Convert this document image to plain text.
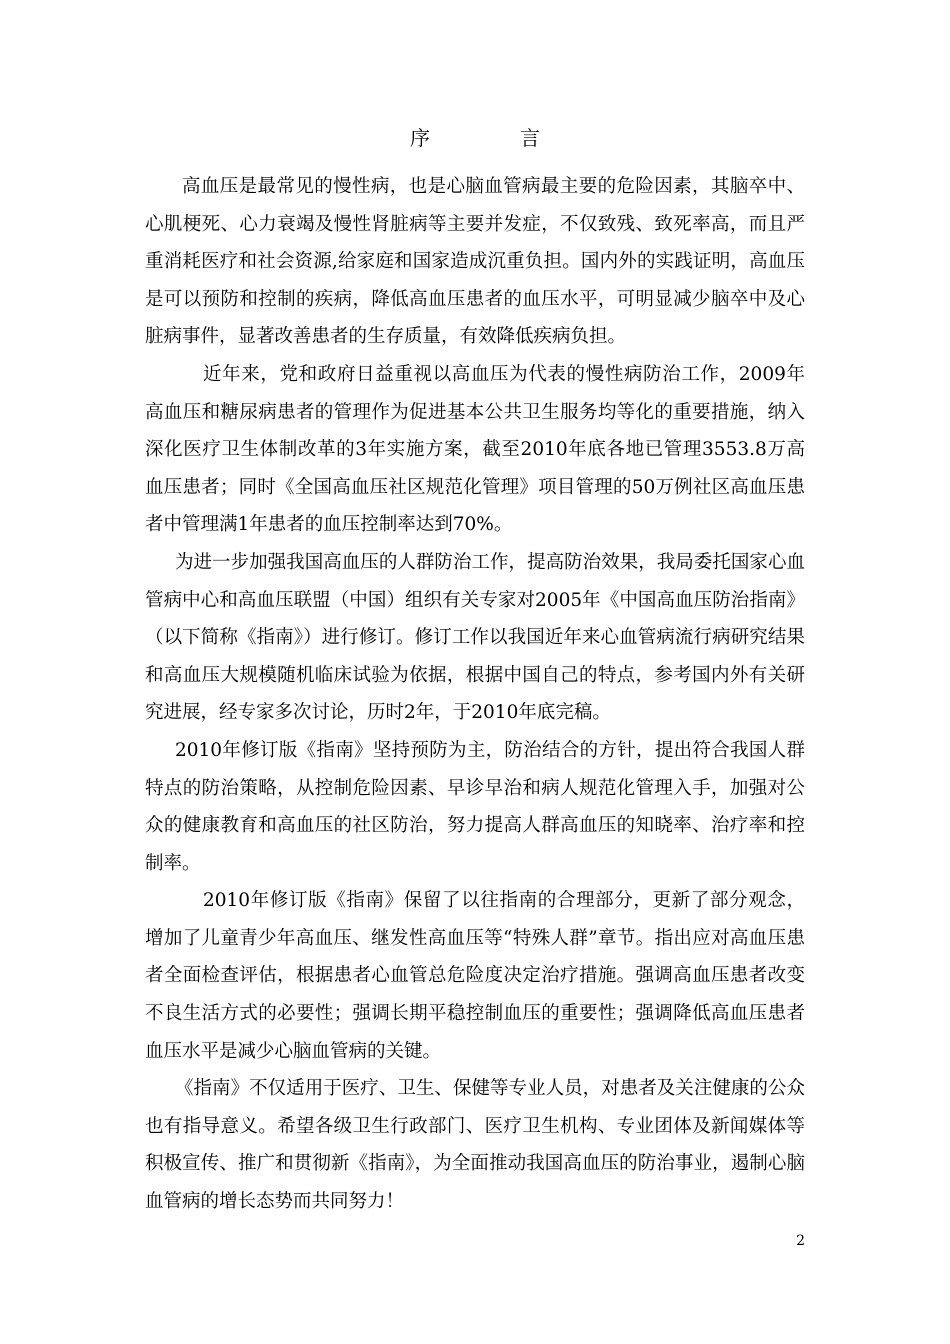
序言

高血压是最常见的慢性病，也是心脑血管病最主要的危险因素，其脑卒中、心肌梗死、心力衰竭及慢性肾脏病等主要并发症，不仅致残、致死率高，而且严重消耗医疗和社会资源,给家庭和国家造成沉重负担。国内外的实践证明，高血压是可以预防和控制的疾病，降低高血压患者的血压水平，可明显减少脑卒中及心脏病事件，显著改善患者的生存质量，有效降低疾病负担。

近年来，党和政府日益重视以高血压为代表的慢性病防治工作，2009年高血压和糖尿病患者的管理作为促进基本公共卫生服务均等化的重要措施，纳入深化医疗卫生体制改革的3年实施方案，截至2010年底各地已管理3553.8万高血压患者；同时《全国高血压社区规范化管理》项目管理的50万例社区高血压患者中管理满1年患者的血压控制率达到70%。

为进一步加强我国高血压的人群防治工作，提高防治效果，我局委托国家心血管病中心和高血压联盟（中国）组织有关专家对2005年《中国高血压防治指南》（以下简称《指南》）进行修订。修订工作以我国近年来心血管病流行病研究结果和高血压大规模随机临床试验为依据，根据中国自己的特点，参考国内外有关研究进展，经专家多次讨论，历时2年，于2010年底完稿。

2010年修订版《指南》坚持预防为主，防治结合的方针，提出符合我国人群特点的防治策略，从控制危险因素、早诊早治和病人规范化管理入手，加强对公众的健康教育和高血压的社区防治，努力提高人群高血压的知晓率、治疗率和控制率。

2010年修订版《指南》保留了以往指南的合理部分，更新了部分观念，增加了儿童青少年高血压、继发性高血压等“特殊人群”章节。指出应对高血压患者全面检查评估，根据患者心血管总危险度决定治疗措施。强调高血压患者改变不良生活方式的必要性；强调长期平稳控制血压的重要性；强调降低高血压患者血压水平是减少心脑血管病的关键。

《指南》不仅适用于医疗、卫生、保健等专业人员，对患者及关注健康的公众也有指导意义。希望各级卫生行政部门、医疗卫生机构、专业团体及新闻媒体等积极宣传、推广和贯彻新《指南》，为全面推动我国高血压的防治事业，遏制心脑血管病的增长态势而共同努力！

2
